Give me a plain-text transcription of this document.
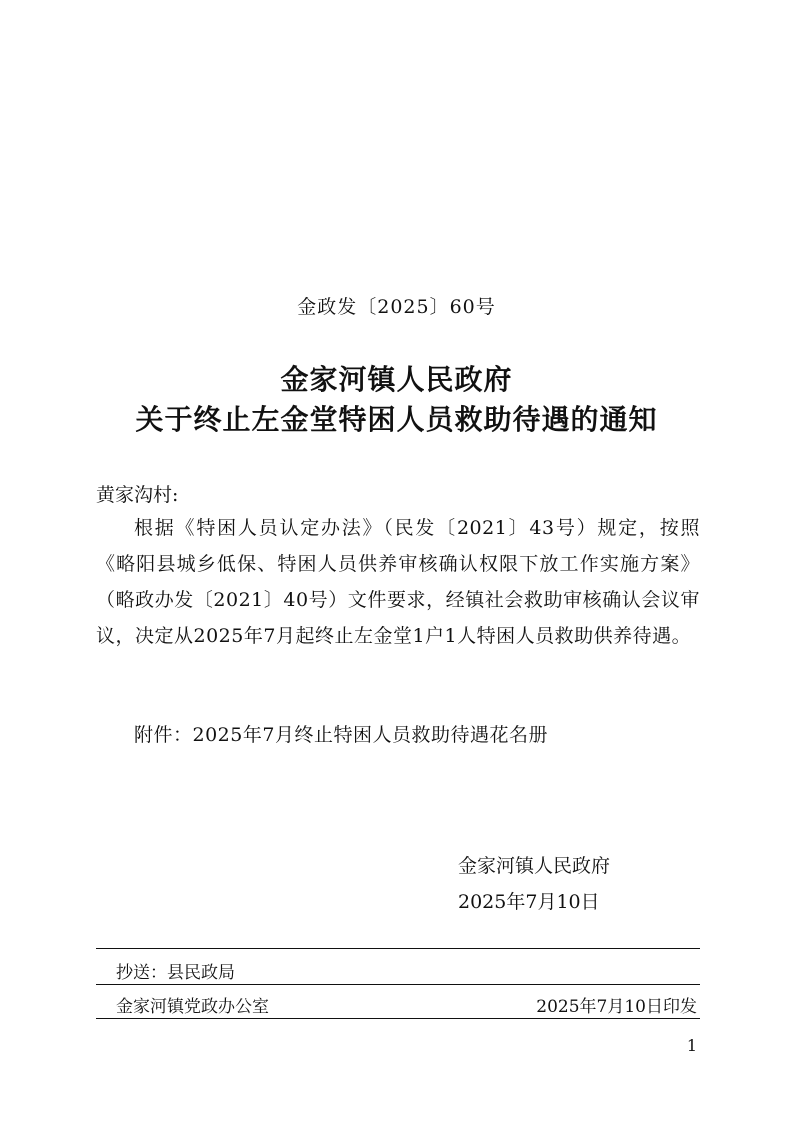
金政发〔2025〕60号
金家河镇人民政府
关于终止左金堂特困人员救助待遇的通知
黄家沟村:
根据《特困人员认定办法》（民发〔2021〕43号）规定，按照《略阳县城乡低保、特困人员供养审核确认权限下放工作实施方案》（略政办发〔2021〕40号）文件要求，经镇社会救助审核确认会议审议，决定从2025年7月起终止左金堂1户1人特困人员救助供养待遇。
附件：2025年7月终止特困人员救助待遇花名册
金家河镇人民政府
2025年7月10日
抄送：县民政局
金家河镇党政办公室	2025年7月10日印发
1
